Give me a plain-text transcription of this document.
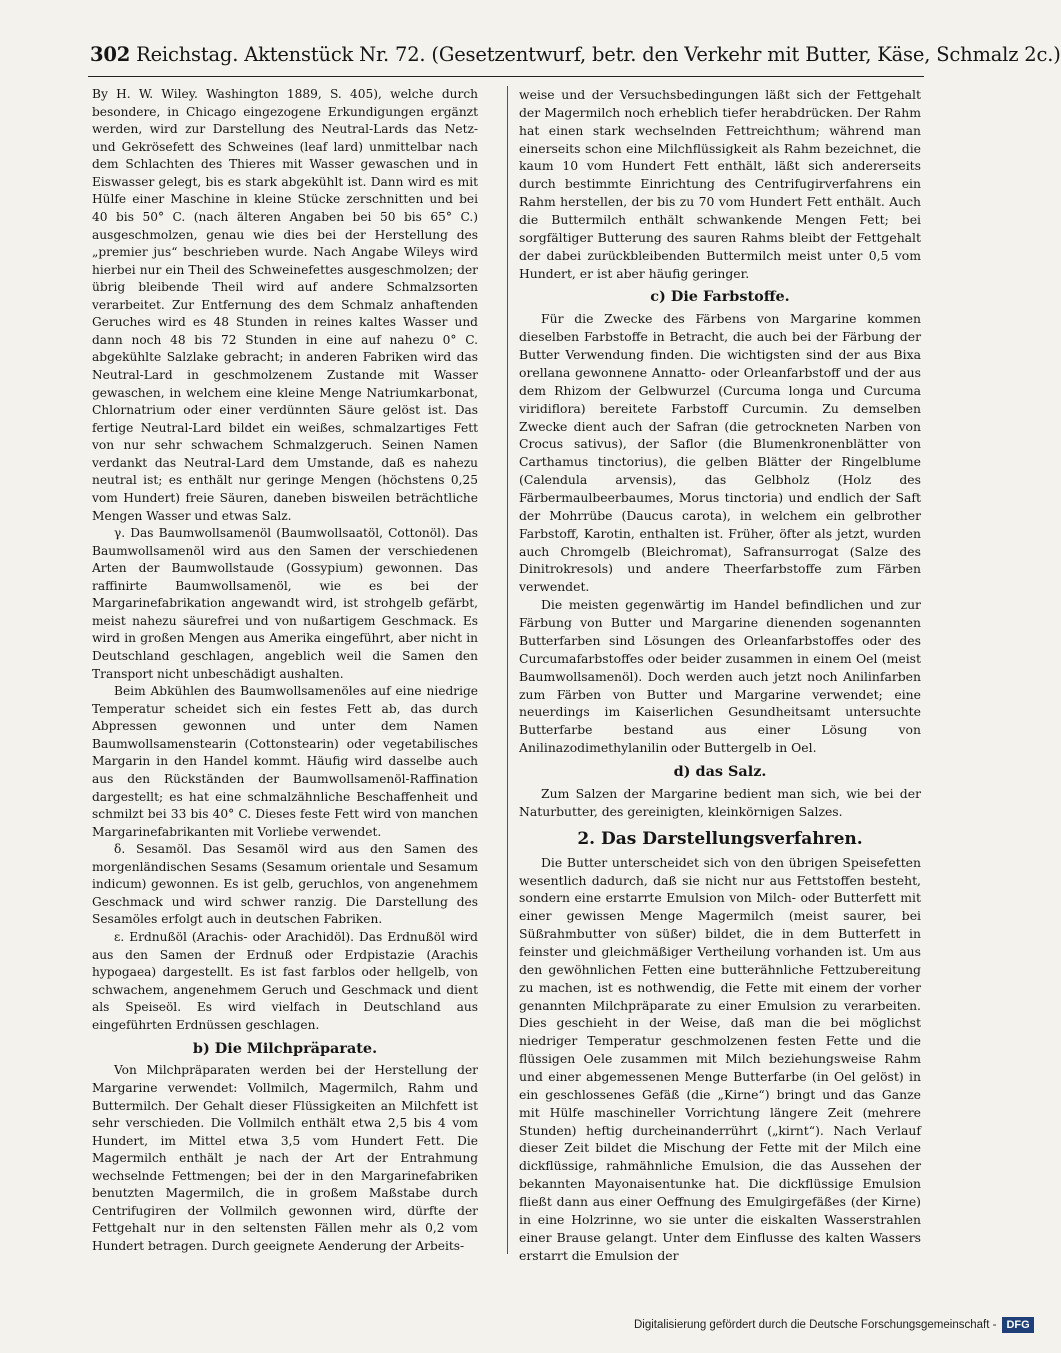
302 Reichstag. Aktenstück Nr. 72. (Gesetzentwurf, betr. den Verkehr mit Butter, Käse, Schmalz 2c.)

By H. W. Wiley. Washington 1889, S. 405), welche durch besondere, in Chicago eingezogene Erkundigungen ergänzt werden, wird zur Darstellung des Neutral-Lards das Netz- und Gekrösefett des Schweines (leaf lard) unmittelbar nach dem Schlachten des Thieres mit Wasser gewaschen und in Eiswasser gelegt, bis es stark abgekühlt ist. Dann wird es mit Hülfe einer Maschine in kleine Stücke zerschnitten und bei 40 bis 50° C. (nach älteren Angaben bei 50 bis 65° C.) ausgeschmolzen, genau wie dies bei der Herstellung des „premier jus“ beschrieben wurde. Nach Angabe Wileys wird hierbei nur ein Theil des Schweinefettes ausgeschmolzen; der übrig bleibende Theil wird auf andere Schmalzsorten verarbeitet. Zur Entfernung des dem Schmalz anhaftenden Geruches wird es 48 Stunden in reines kaltes Wasser und dann noch 48 bis 72 Stunden in eine auf nahezu 0° C. abgekühlte Salzlake gebracht; in anderen Fabriken wird das Neutral-Lard in geschmolzenem Zustande mit Wasser gewaschen, in welchem eine kleine Menge Natriumkarbonat, Chlornatrium oder einer verdünnten Säure gelöst ist. Das fertige Neutral-Lard bildet ein weißes, schmalzartiges Fett von nur sehr schwachem Schmalzgeruch. Seinen Namen verdankt das Neutral-Lard dem Umstande, daß es nahezu neutral ist; es enthält nur geringe Mengen (höchstens 0,25 vom Hundert) freie Säuren, daneben bisweilen beträchtliche Mengen Wasser und etwas Salz.

γ. Das Baumwollsamenöl (Baumwollsaatöl, Cottonöl). Das Baumwollsamenöl wird aus den Samen der verschiedenen Arten der Baumwollstaude (Gossypium) gewonnen. Das raffinirte Baumwollsamenöl, wie es bei der Margarinefabrikation angewandt wird, ist strohgelb gefärbt, meist nahezu säurefrei und von nußartigem Geschmack. Es wird in großen Mengen aus Amerika eingeführt, aber nicht in Deutschland geschlagen, angeblich weil die Samen den Transport nicht unbeschädigt aushalten.

Beim Abkühlen des Baumwollsamenöles auf eine niedrige Temperatur scheidet sich ein festes Fett ab, das durch Abpressen gewonnen und unter dem Namen Baumwollsamenstearin (Cottonstearin) oder vegetabilisches Margarin in den Handel kommt. Häufig wird dasselbe auch aus den Rückständen der Baumwollsamenöl-Raffination dargestellt; es hat eine schmalzähnliche Beschaffenheit und schmilzt bei 33 bis 40° C. Dieses feste Fett wird von manchen Margarinefabrikanten mit Vorliebe verwendet.

δ. Sesamöl. Das Sesamöl wird aus den Samen des morgenländischen Sesams (Sesamum orientale und Sesamum indicum) gewonnen. Es ist gelb, geruchlos, von angenehmem Geschmack und wird schwer ranzig. Die Darstellung des Sesamöles erfolgt auch in deutschen Fabriken.

ε. Erdnußöl (Arachis- oder Arachidöl). Das Erdnußöl wird aus den Samen der Erdnuß oder Erdpistazie (Arachis hypogaea) dargestellt. Es ist fast farblos oder hellgelb, von schwachem, angenehmem Geruch und Geschmack und dient als Speiseöl. Es wird vielfach in Deutschland aus eingeführten Erdnüssen geschlagen.

b) Die Milchpräparate.

Von Milchpräparaten werden bei der Herstellung der Margarine verwendet: Vollmilch, Magermilch, Rahm und Buttermilch. Der Gehalt dieser Flüssigkeiten an Milchfett ist sehr verschieden. Die Vollmilch enthält etwa 2,5 bis 4 vom Hundert, im Mittel etwa 3,5 vom Hundert Fett. Die Magermilch enthält je nach der Art der Entrahmung wechselnde Fettmengen; bei der in den Margarinefabriken benutzten Magermilch, die in großem Maßstabe durch Centrifugiren der Vollmilch gewonnen wird, dürfte der Fettgehalt nur in den seltensten Fällen mehr als 0,2 vom Hundert betragen. Durch geeignete Aenderung der Arbeits-

weise und der Versuchsbedingungen läßt sich der Fettgehalt der Magermilch noch erheblich tiefer herabdrücken. Der Rahm hat einen stark wechselnden Fettreichthum; während man einerseits schon eine Milchflüssigkeit als Rahm bezeichnet, die kaum 10 vom Hundert Fett enthält, läßt sich andererseits durch bestimmte Einrichtung des Centrifugirverfahrens ein Rahm herstellen, der bis zu 70 vom Hundert Fett enthält. Auch die Buttermilch enthält schwankende Mengen Fett; bei sorgfältiger Butterung des sauren Rahms bleibt der Fettgehalt der dabei zurückbleibenden Buttermilch meist unter 0,5 vom Hundert, er ist aber häufig geringer.

c) Die Farbstoffe.

Für die Zwecke des Färbens von Margarine kommen dieselben Farbstoffe in Betracht, die auch bei der Färbung der Butter Verwendung finden. Die wichtigsten sind der aus Bixa orellana gewonnene Annatto- oder Orleanfarbstoff und der aus dem Rhizom der Gelbwurzel (Curcuma longa und Curcuma viridiflora) bereitete Farbstoff Curcumin. Zu demselben Zwecke dient auch der Safran (die getrockneten Narben von Crocus sativus), der Saflor (die Blumenkronenblätter von Carthamus tinctorius), die gelben Blätter der Ringelblume (Calendula arvensis), das Gelbholz (Holz des Färbermaulbeerbaumes, Morus tinctoria) und endlich der Saft der Mohrrübe (Daucus carota), in welchem ein gelbrother Farbstoff, Karotin, enthalten ist. Früher, öfter als jetzt, wurden auch Chromgelb (Bleichromat), Safransurrogat (Salze des Dinitrokresols) und andere Theerfarbstoffe zum Färben verwendet.

Die meisten gegenwärtig im Handel befindlichen und zur Färbung von Butter und Margarine dienenden sogenannten Butterfarben sind Lösungen des Orleanfarbstoffes oder des Curcumafarbstoffes oder beider zusammen in einem Oel (meist Baumwollsamenöl). Doch werden auch jetzt noch Anilinfarben zum Färben von Butter und Margarine verwendet; eine neuerdings im Kaiserlichen Gesundheitsamt untersuchte Butterfarbe bestand aus einer Lösung von Anilinazodimethylanilin oder Buttergelb in Oel.

d) das Salz.

Zum Salzen der Margarine bedient man sich, wie bei der Naturbutter, des gereinigten, kleinkörnigen Salzes.

2. Das Darstellungsverfahren.

Die Butter unterscheidet sich von den übrigen Speisefetten wesentlich dadurch, daß sie nicht nur aus Fettstoffen besteht, sondern eine erstarrte Emulsion von Milch- oder Butterfett mit einer gewissen Menge Magermilch (meist saurer, bei Süßrahmbutter von süßer) bildet, die in dem Butterfett in feinster und gleichmäßiger Vertheilung vorhanden ist. Um aus den gewöhnlichen Fetten eine butterähnliche Fettzubereitung zu machen, ist es nothwendig, die Fette mit einem der vorher genannten Milchpräparate zu einer Emulsion zu verarbeiten. Dies geschieht in der Weise, daß man die bei möglichst niedriger Temperatur geschmolzenen festen Fette und die flüssigen Oele zusammen mit Milch beziehungsweise Rahm und einer abgemessenen Menge Butterfarbe (in Oel gelöst) in ein geschlossenes Gefäß (die „Kirne“) bringt und das Ganze mit Hülfe maschineller Vorrichtung längere Zeit (mehrere Stunden) heftig durcheinanderrührt („kirnt“). Nach Verlauf dieser Zeit bildet die Mischung der Fette mit der Milch eine dickflüssige, rahmähnliche Emulsion, die das Aussehen der bekannten Mayonaisentunke hat. Die dickflüssige Emulsion fließt dann aus einer Oeffnung des Emulgirgefäßes (der Kirne) in eine Holzrinne, wo sie unter die eiskalten Wasserstrahlen einer Brause gelangt. Unter dem Einflusse des kalten Wassers erstarrt die Emulsion der

Digitalisierung gefördert durch die Deutsche Forschungsgemeinschaft - DFG
